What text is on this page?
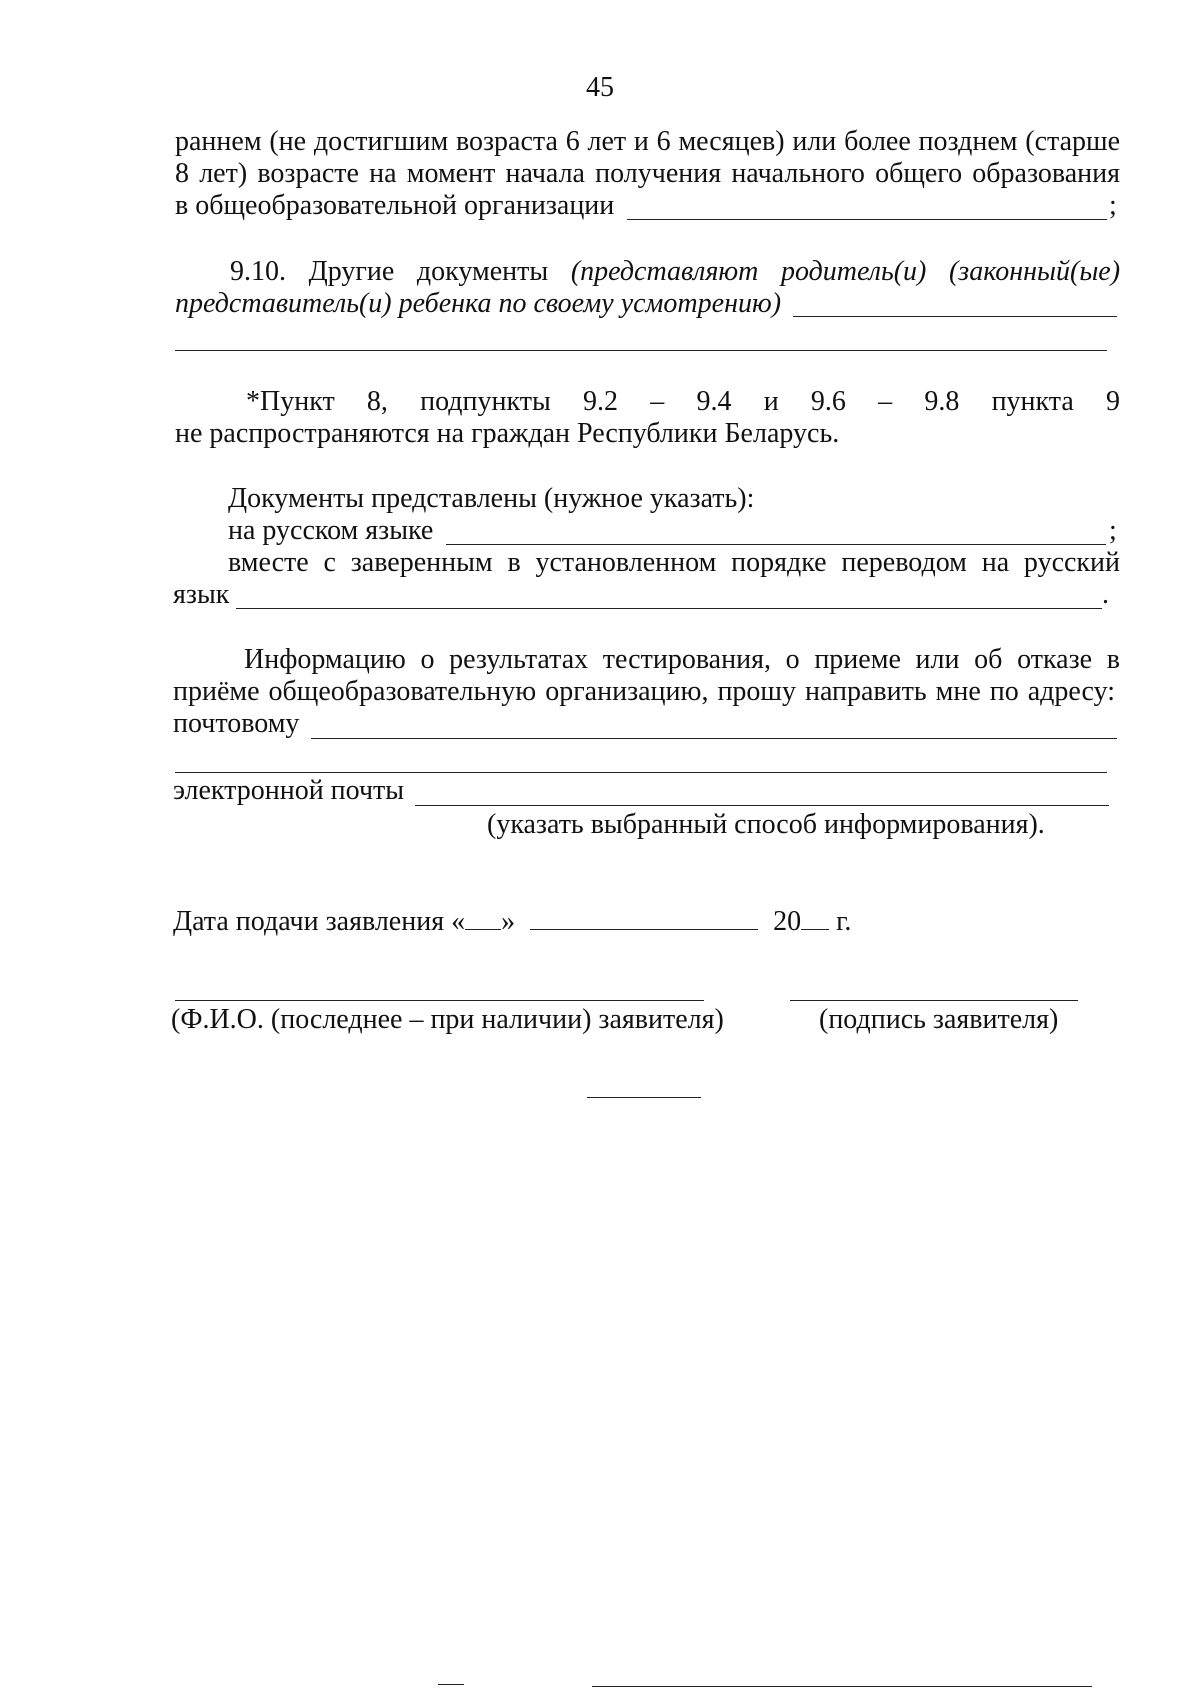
45
раннем (не достигшим возраста 6 лет и 6 месяцев) или более позднем (старше
8 лет) возрасте на момент начала получения начального общего образования
в общеобразовательной организации	;
9.10. Другие документы (представляют родитель(и) (законный(ые)
представитель(и) ребенка по своему усмотрению)
*Пункт 8, подпункты 9.2 – 9.4 и 9.6 – 9.8 пункта 9
не распространяются на граждан Республики Беларусь.
Документы представлены (нужное указать):
на русском языке	;
вместе с заверенным в установленном порядке переводом на русский
язык	.
Информацию о результатах тестирования, о приеме или об отказе в
приёме общеобразовательную организацию, прошу направить мне по адресу:
почтовому
электронной почты
(указать выбранный способ информирования).
Дата подачи заявления « »	20 г.
(Ф.И.О. (последнее – при наличии) заявителя)	(подпись заявителя)
